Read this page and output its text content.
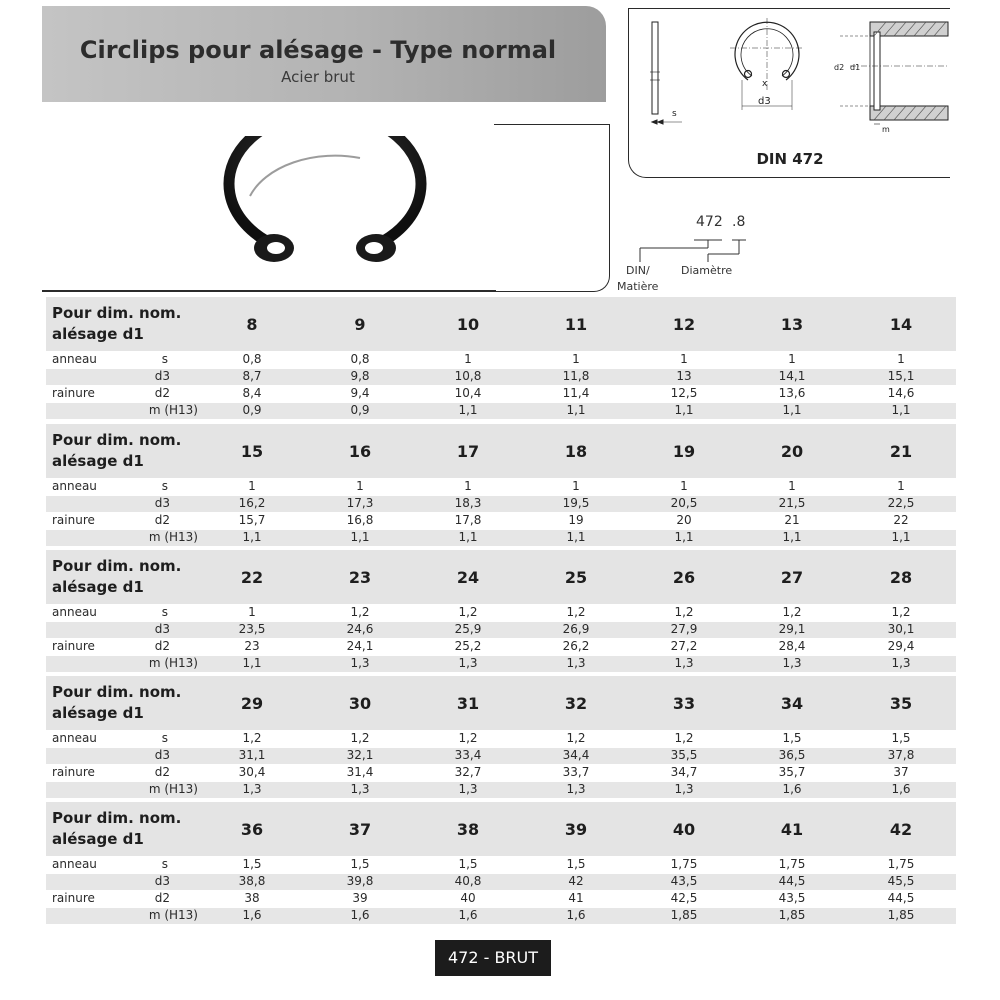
Circlips pour alésage - Type normal
Acier brut
s
x
d3
d2 d1
m
DIN 472
472 .8
DIN/
Matière
Diamètre
Pour dim. nom.
alésage d1		8	9	10	11	12	13	14
anneau	s	0,8	0,8	1	1	1	1	1
	d3	8,7	9,8	10,8	11,8	13	14,1	15,1
rainure	d2	8,4	9,4	10,4	11,4	12,5	13,6	14,6
	m (H13)	0,9	0,9	1,1	1,1	1,1	1,1	1,1
Pour dim. nom.
alésage d1		15	16	17	18	19	20	21
anneau	s	1	1	1	1	1	1	1
	d3	16,2	17,3	18,3	19,5	20,5	21,5	22,5
rainure	d2	15,7	16,8	17,8	19	20	21	22
	m (H13)	1,1	1,1	1,1	1,1	1,1	1,1	1,1
Pour dim. nom.
alésage d1		22	23	24	25	26	27	28
anneau	s	1	1,2	1,2	1,2	1,2	1,2	1,2
	d3	23,5	24,6	25,9	26,9	27,9	29,1	30,1
rainure	d2	23	24,1	25,2	26,2	27,2	28,4	29,4
	m (H13)	1,1	1,3	1,3	1,3	1,3	1,3	1,3
Pour dim. nom.
alésage d1		29	30	31	32	33	34	35
anneau	s	1,2	1,2	1,2	1,2	1,2	1,5	1,5
	d3	31,1	32,1	33,4	34,4	35,5	36,5	37,8
rainure	d2	30,4	31,4	32,7	33,7	34,7	35,7	37
	m (H13)	1,3	1,3	1,3	1,3	1,3	1,6	1,6
Pour dim. nom.
alésage d1		36	37	38	39	40	41	42
anneau	s	1,5	1,5	1,5	1,5	1,75	1,75	1,75
	d3	38,8	39,8	40,8	42	43,5	44,5	45,5
rainure	d2	38	39	40	41	42,5	43,5	44,5
	m (H13)	1,6	1,6	1,6	1,6	1,85	1,85	1,85
472 - BRUT
